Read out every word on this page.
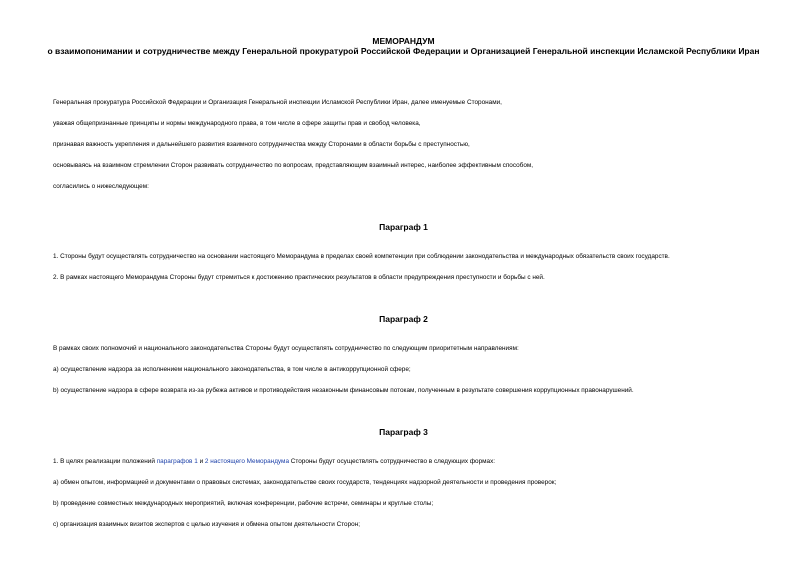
МЕМОРАНДУМ
о взаимопонимании и сотрудничестве между Генеральной прокуратурой Российской Федерации и Организацией Генеральной инспекции Исламской Республики Иран
Генеральная прокуратура Российской Федерации и Организация Генеральной инспекции Исламской Республики Иран, далее именуемые Сторонами,
уважая общепризнанные принципы и нормы международного права, в том числе в сфере защиты прав и свобод человека,
признавая важность укрепления и дальнейшего развития взаимного сотрудничества между Сторонами в области борьбы с преступностью,
основываясь на взаимном стремлении Сторон развивать сотрудничество по вопросам, представляющим взаимный интерес, наиболее эффективным способом,
согласились о нижеследующем:
Параграф 1
1. Стороны будут осуществлять сотрудничество на основании настоящего Меморандума в пределах своей компетенции при соблюдении законодательства и международных обязательств своих государств.
2. В рамках настоящего Меморандума Стороны будут стремиться к достижению практических результатов в области предупреждения преступности и борьбы с ней.
Параграф 2
В рамках своих полномочий и национального законодательства Стороны будут осуществлять сотрудничество по следующим приоритетным направлениям:
а) осуществление надзора за исполнением национального законодательства, в том числе в антикоррупционной сфере;
b) осуществление надзора в сфере возврата из-за рубежа активов и противодействия незаконным финансовым потокам, полученным в результате совершения коррупционных правонарушений.
Параграф 3
1. В целях реализации положений параграфов 1 и 2 настоящего Меморандума Стороны будут осуществлять сотрудничество в следующих формах:
а) обмен опытом, информацией и документами о правовых системах, законодательстве своих государств, тенденциях надзорной деятельности и проведения проверок;
b) проведение совместных международных мероприятий, включая конференции, рабочие встречи, семинары и круглые столы;
c) организация взаимных визитов экспертов с целью изучения и обмена опытом деятельности Сторон;
